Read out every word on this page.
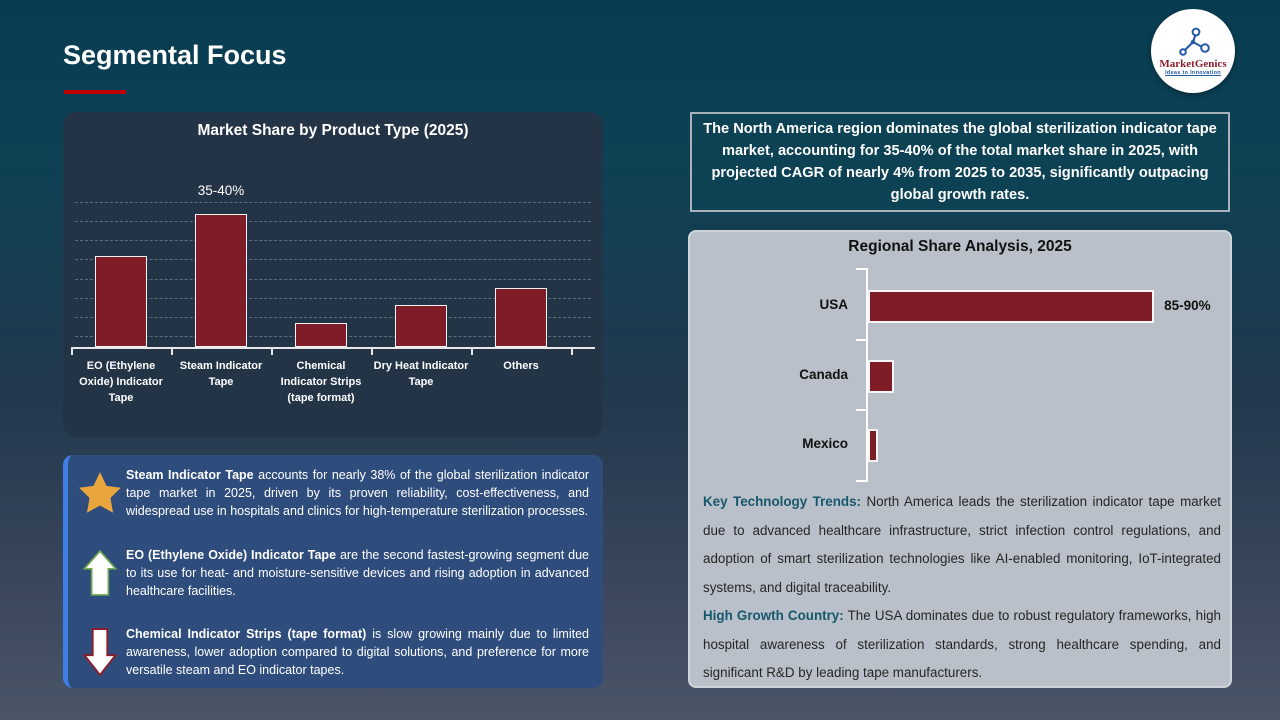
Segmental Focus	MarketGenics
Ideas to Innovation
Market Share by Product Type (2025)
35-40%
EO (Ethylene Oxide) Indicator Tape
Steam Indicator Tape
Chemical Indicator Strips (tape format)
Dry Heat Indicator Tape
Others
Steam Indicator Tape accounts for nearly 38% of the global sterilization indicator tape market in 2025, driven by its proven reliability, cost-effectiveness, and widespread use in hospitals and clinics for high-temperature sterilization processes.
EO (Ethylene Oxide) Indicator Tape are the second fastest-growing segment due to its use for heat- and moisture-sensitive devices and rising adoption in advanced healthcare facilities.
Chemical Indicator Strips (tape format) is slow growing mainly due to limited awareness, lower adoption compared to digital solutions, and preference for more versatile steam and EO indicator tapes.
The North America region dominates the global sterilization indicator tape market, accounting for 35-40% of the total market share in 2025, with projected CAGR of nearly 4% from 2025 to 2035, significantly outpacing global growth rates.
Regional Share Analysis, 2025
85-90%
USA
Canada
Mexico

Key Technology Trends: North America leads the sterilization indicator tape market due to advanced healthcare infrastructure, strict infection control regulations, and adoption of smart sterilization technologies like AI-enabled monitoring, IoT-integrated systems, and digital traceability.

High Growth Country: The USA dominates due to robust regulatory frameworks, high hospital awareness of sterilization standards, strong healthcare spending, and significant R&D by leading tape manufacturers.
